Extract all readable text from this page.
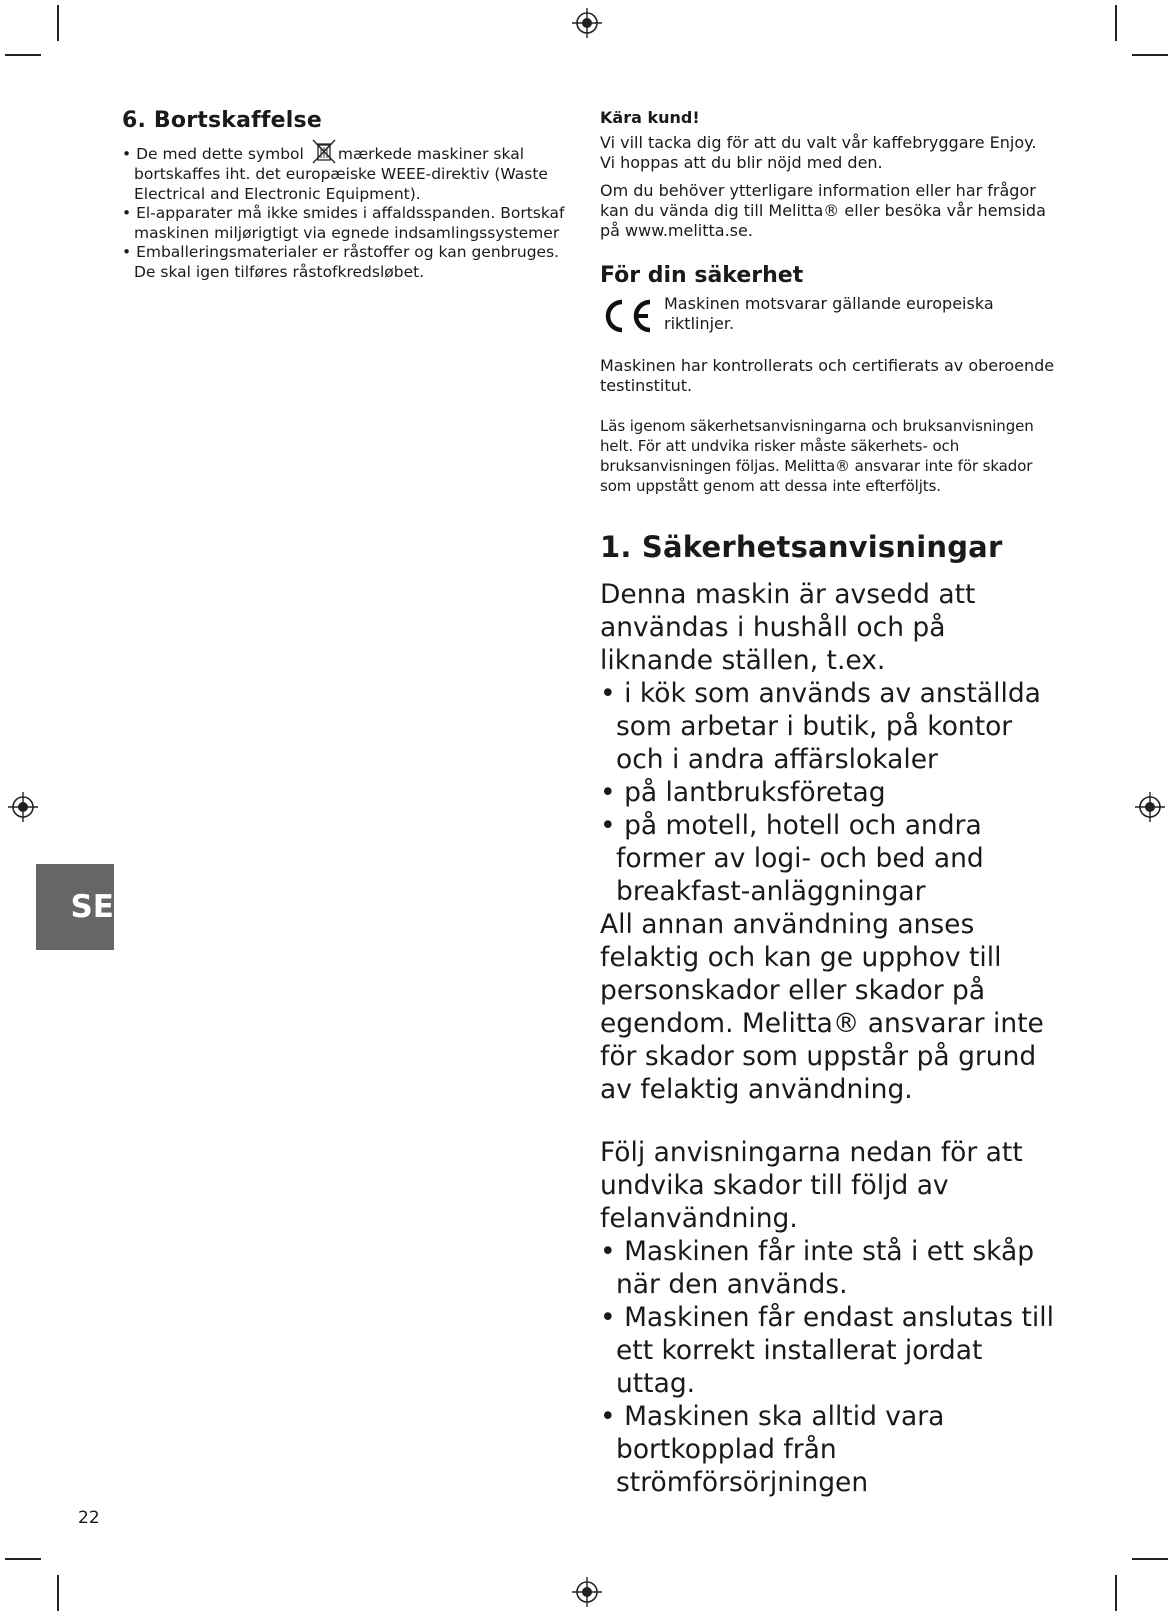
6. Bortskaffelse
• De med dette symbol mærkede maskiner skal bortskaffes iht. det europæiske WEEE-direktiv (Waste Electrical and Electronic Equipment).
• El-apparater må ikke smides i affaldsspanden. Bortskaf maskinen miljørigtigt via egnede indsamlingssystemer
• Emballeringsmaterialer er råstoffer og kan genbruges. De skal igen tilføres råstofkredsløbet.
Kära kund!

Vi vill tacka dig för att du valt vår kaffebryggare Enjoy. Vi hoppas att du blir nöjd med den.

Om du behöver ytterligare information eller har frågor kan du vända dig till Melitta® eller besöka vår hemsida på www.melitta.se.

För din säkerhet
Maskinen motsvarar gällande europeiska riktlinjer.

Maskinen har kontrollerats och certifierats av oberoende testinstitut.

Läs igenom säkerhetsanvisningarna och bruksanvisningen helt. För att undvika risker måste säkerhets- och bruksanvisningen följas. Melitta® ansvarar inte för skador som uppstått genom att dessa inte efterföljts.

1. Säkerhetsanvisningar

Denna maskin är avsedd att användas i hushåll och på liknande ställen, t.ex.

• i kök som används av anställda som arbetar i butik, på kontor och i andra affärslokaler
• på lantbruksföretag
• på motell, hotell och andra former av logi- och bed and breakfast-anläggningar

All annan användning anses felaktig och kan ge upphov till personskador eller skador på egendom. Melitta® ansvarar inte för skador som uppstår på grund av felaktig användning.

Följ anvisningarna nedan för att undvika skador till följd av felanvändning.

• Maskinen får inte stå i ett skåp när den används.
• Maskinen får endast anslutas till ett korrekt installerat jordat uttag.
• Maskinen ska alltid vara bortkopplad från strömförsörjningen
SE
22
